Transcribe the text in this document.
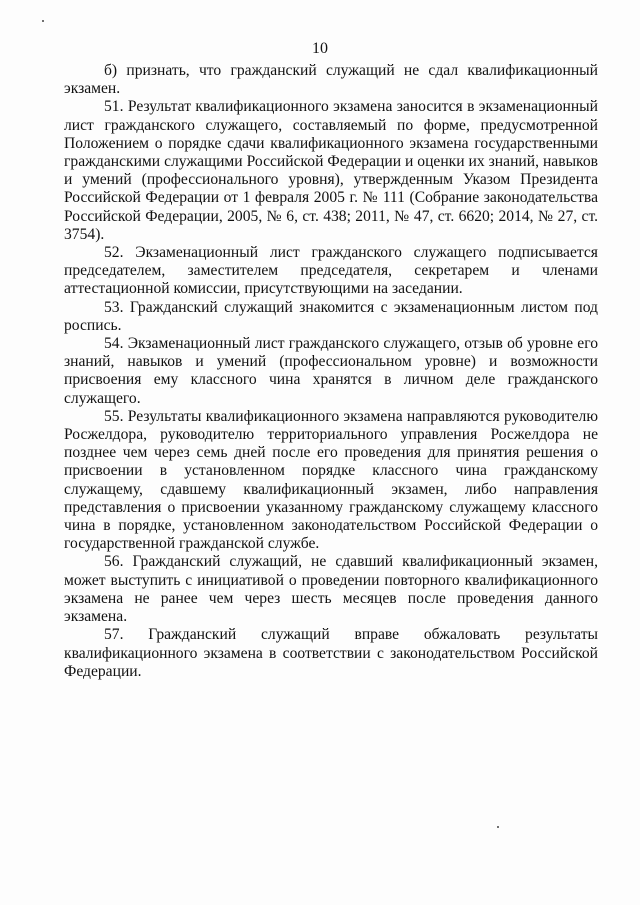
10

б) признать, что гражданский служащий не сдал квалификационный экзамен.

51. Результат квалификационного экзамена заносится в экзаменационный лист гражданского служащего, составляемый по форме, предусмотренной Положением о порядке сдачи квалификационного экзамена государственными гражданскими служащими Российской Федерации и оценки их знаний, навыков и умений (профессионального уровня), утвержденным Указом Президента Российской Федерации от 1 февраля 2005 г. № 111 (Собрание законодательства Российской Федерации, 2005, № 6, ст. 438; 2011, № 47, ст. 6620; 2014, № 27, ст. 3754).

52. Экзаменационный лист гражданского служащего подписывается председателем, заместителем председателя, секретарем и членами аттестационной комиссии, присутствующими на заседании.

53. Гражданский служащий знакомится с экзаменационным листом под роспись.

54. Экзаменационный лист гражданского служащего, отзыв об уровне его знаний, навыков и умений (профессиональном уровне) и возможности присвоения ему классного чина хранятся в личном деле гражданского служащего.

55. Результаты квалификационного экзамена направляются руководителю Росжелдора, руководителю территориального управления Росжелдора не позднее чем через семь дней после его проведения для принятия решения о присвоении в установленном порядке классного чина гражданскому служащему, сдавшему квалификационный экзамен, либо направления представления о присвоении указанному гражданскому служащему классного чина в порядке, установленном законодательством Российской Федерации о государственной гражданской службе.

56. Гражданский служащий, не сдавший квалификационный экзамен, может выступить с инициативой о проведении повторного квалификационного экзамена не ранее чем через шесть месяцев после проведения данного экзамена.

57. Гражданский служащий вправе обжаловать результаты квалификационного экзамена в соответствии с законодательством Российской Федерации.
